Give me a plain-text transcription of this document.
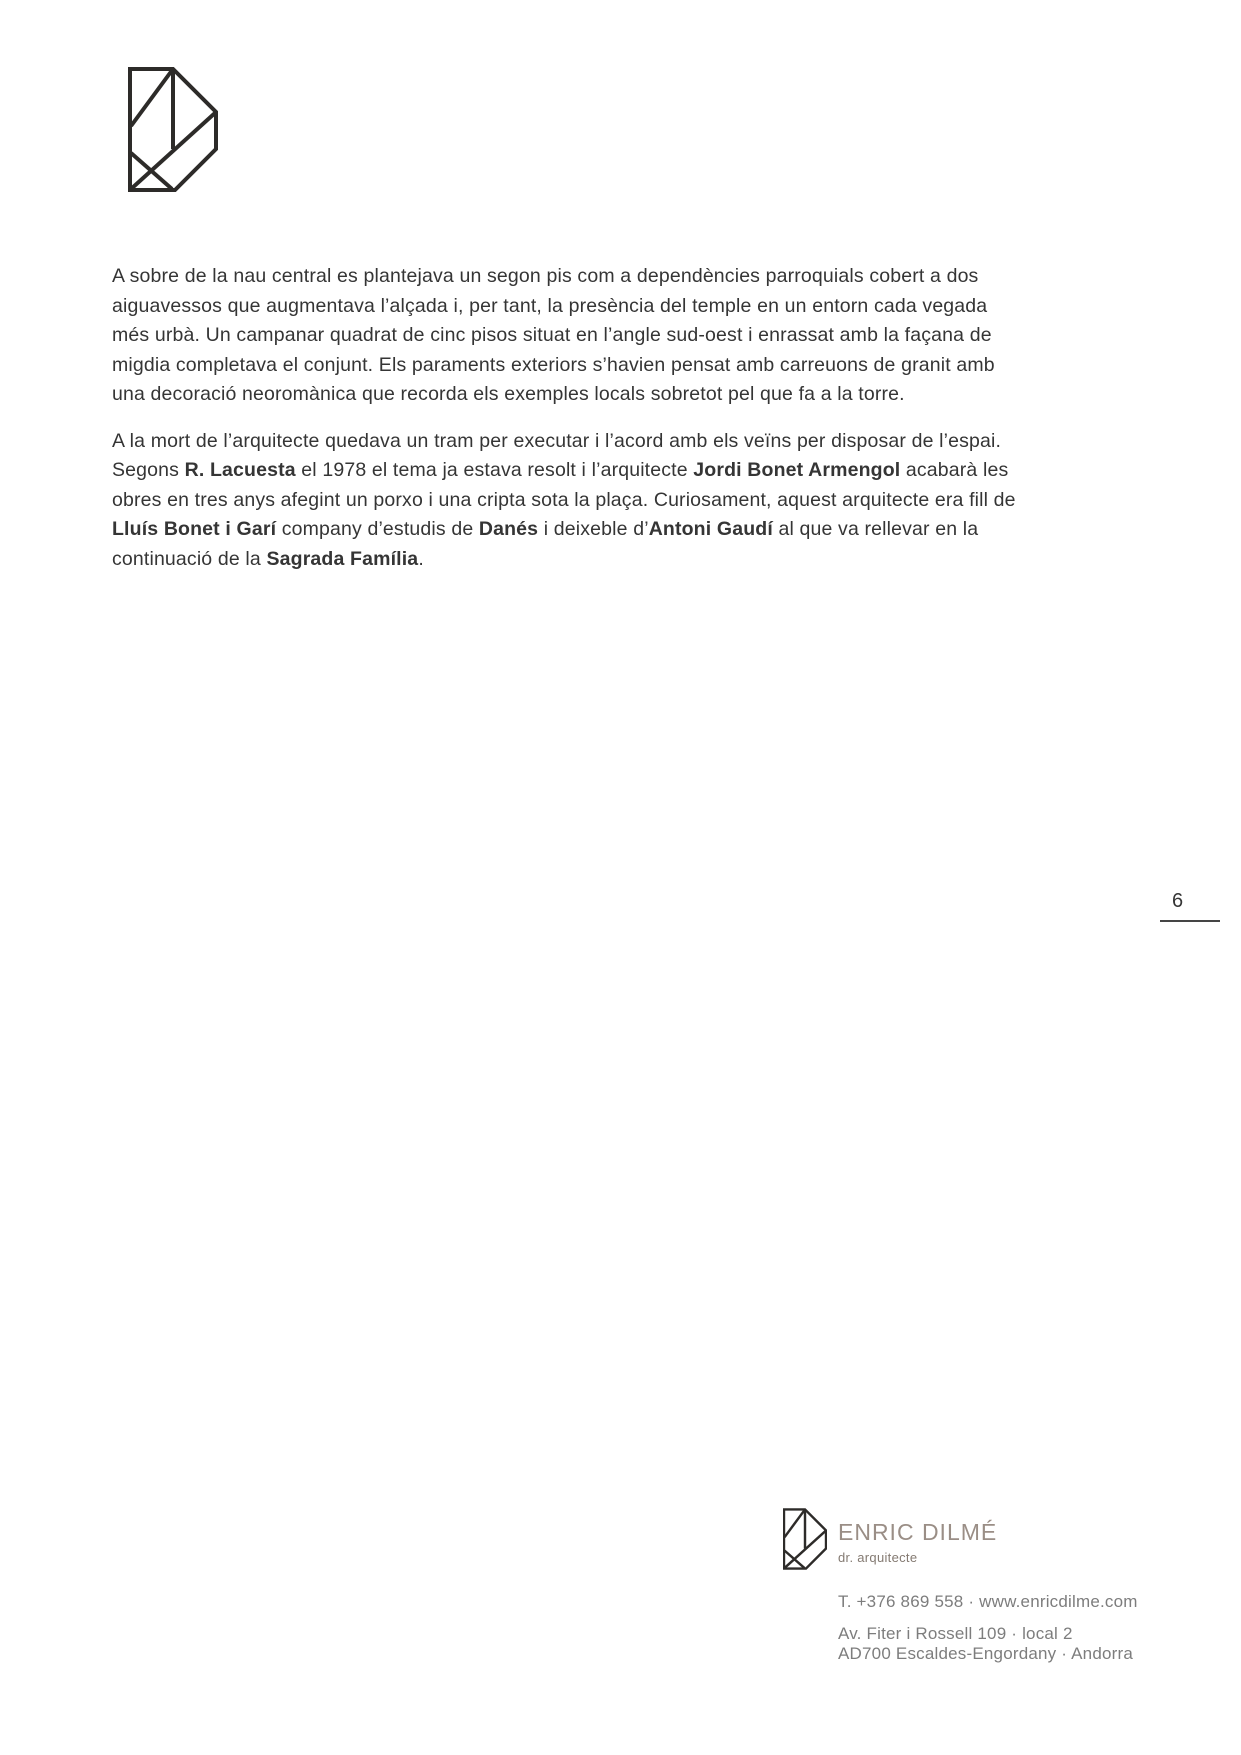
A sobre de la nau central es plantejava un segon pis com a dependències parroquials cobert a dos aiguavessos que augmentava l’alçada i, per tant, la presència del temple en un entorn cada vegada més urbà. Un campanar quadrat de cinc pisos situat en l’angle sud-oest i enrassat amb la façana de migdia completava el conjunt. Els paraments exteriors s’havien pensat amb carreuons de granit amb una decoració neoromànica que recorda els exemples locals sobretot pel que fa a la torre.

A la mort de l’arquitecte quedava un tram per executar i l’acord amb els veïns per disposar de l’espai. Segons R. Lacuesta el 1978 el tema ja estava resolt i l’arquitecte Jordi Bonet Armengol acabarà les obres en tres anys afegint un porxo i una cripta sota la plaça. Curiosament, aquest arquitecte era fill de Lluís Bonet i Garí company d’estudis de Danés i deixeble d’Antoni Gaudí al que va rellevar en la continuació de la Sagrada Família.

6
ENRIC DILMÉ
dr. arquitecte
T. +376 869 558 · www.enricdilme.com
Av. Fiter i Rossell 109 · local 2
AD700 Escaldes-Engordany · Andorra
